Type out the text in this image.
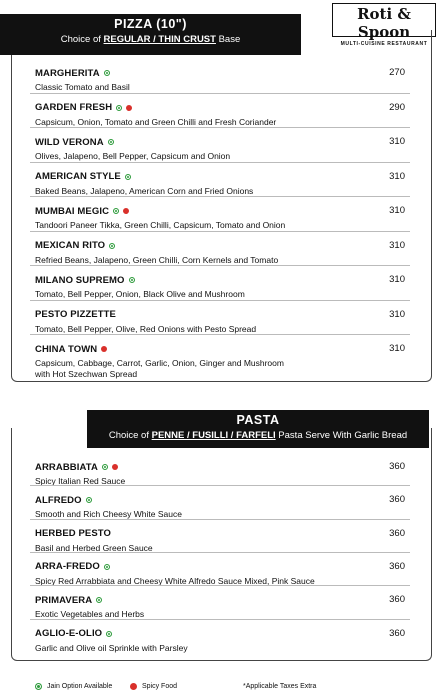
Roti & Spoon
MULTI-CUISINE RESTAURANT
PIZZA (10")
Choice of REGULAR / THIN CRUST Base
PASTA
Choice of PENNE / FUSILLI / FARFELI Pasta Serve With Garlic Bread
MARGHERITA	270
Classic Tomato and Basil
GARDEN FRESH	290
Capsicum, Onion, Tomato and Green Chilli and Fresh Coriander
WILD VERONA	310
Olives, Jalapeno, Bell Pepper, Capsicum and Onion
AMERICAN STYLE	310
Baked Beans, Jalapeno, American Corn and Fried Onions
MUMBAI MEGIC	310
Tandoori Paneer Tikka, Green Chilli, Capsicum, Tomato and Onion
MEXICAN RITO	310
Refried Beans, Jalapeno, Green Chilli, Corn Kernels and Tomato
MILANO SUPREMO	310
Tomato, Bell Pepper, Onion, Black Olive and Mushroom
PESTO PIZZETTE	310
Tomato, Bell Pepper, Olive, Red Onions with Pesto Spread
CHINA TOWN	310
Capsicum, Cabbage, Carrot, Garlic, Onion, Ginger and Mushroom
with Hot Szechwan Spread
ARRABBIATA	360
Spicy Italian Red Sauce
ALFREDO	360
Smooth and Rich Cheesy White Sauce
HERBED PESTO	360
Basil and Herbed Green Sauce
ARRA-FREDO	360
Spicy Red Arrabbiata and Cheesy White Alfredo Sauce Mixed, Pink Sauce
PRIMAVERA	360
Exotic Vegetables and Herbs
AGLIO-E-OLIO	360
Garlic and Olive oil Sprinkle with Parsley
Jain Option Available	Spicy Food	*Applicable Taxes Extra
